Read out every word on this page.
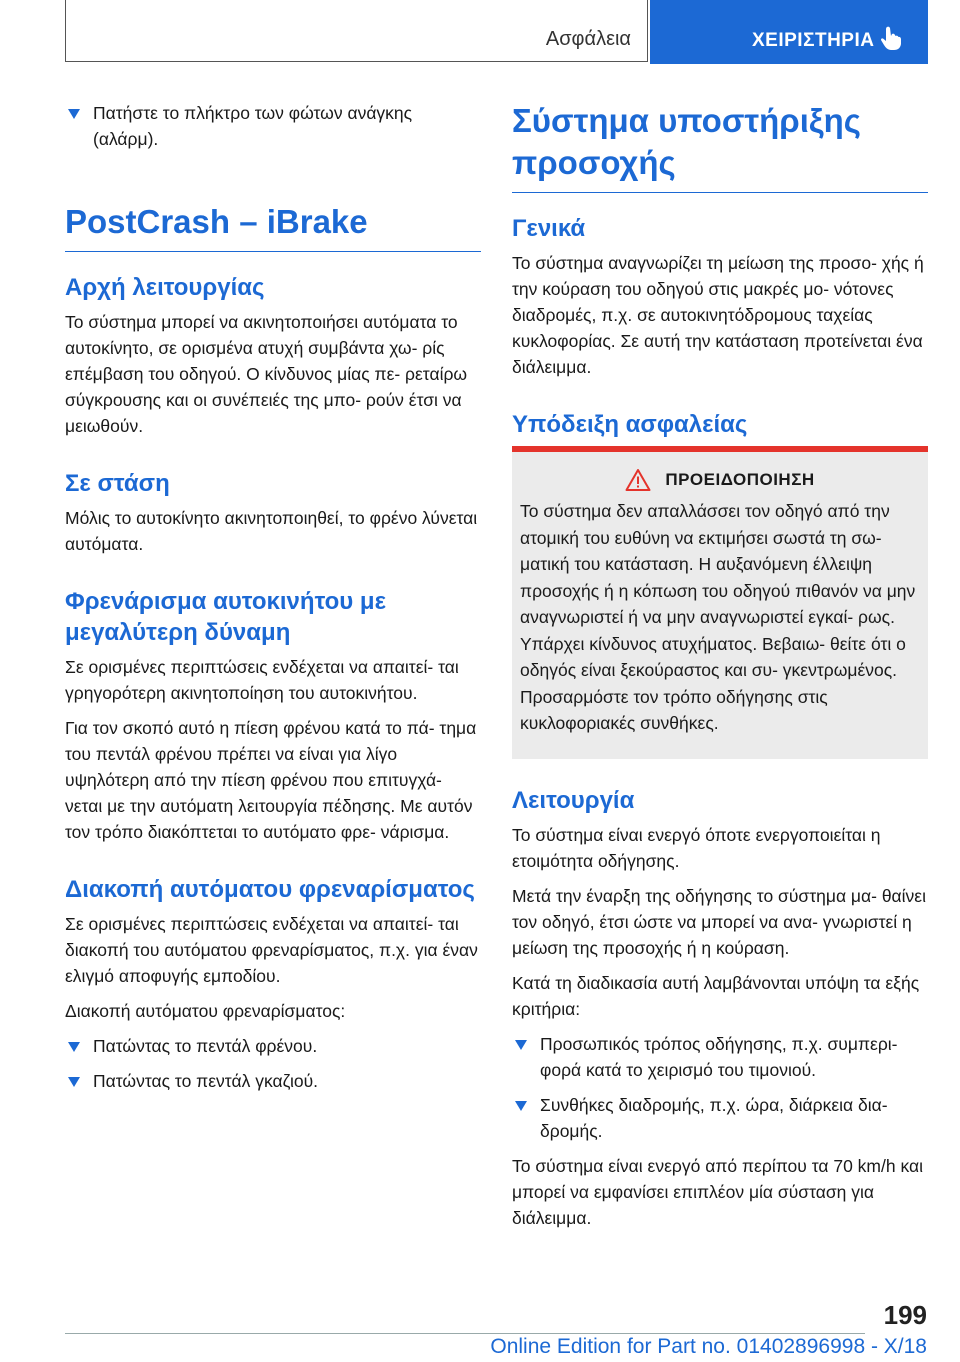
Ασφάλεια	ΧΕΙΡΙΣΤΗΡΙΑ
Πατήστε το πλήκτρο των φώτων ανάγκης (αλάρμ).
PostCrash – iBrake
Αρχή λειτουργίας

Το σύστημα μπορεί να ακινητοποιήσει αυτόματα το αυτοκίνητο, σε ορισμένα ατυχή συμβάντα χω‐ ρίς επέμβαση του οδηγού. Ο κίνδυνος μίας πε‐ ρεταίρω σύγκρουσης και οι συνέπειές της μπο‐ ρούν έτσι να μειωθούν.

Σε στάση

Μόλις το αυτοκίνητο ακινητοποιηθεί, το φρένο λύνεται αυτόματα.

Φρενάρισμα αυτοκινήτου με μεγαλύτερη δύναμη

Σε ορισμένες περιπτώσεις ενδέχεται να απαιτεί‐ ται γρηγορότερη ακινητοποίηση του αυτοκινήτου.

Για τον σκοπό αυτό η πίεση φρένου κατά το πά‐ τημα του πεντάλ φρένου πρέπει να είναι για λίγο υψηλότερη από την πίεση φρένου που επιτυγχά‐ νεται με την αυτόματη λειτουργία πέδησης. Με αυτόν τον τρόπο διακόπτεται το αυτόματο φρε‐ νάρισμα.

Διακοπή αυτόματου φρεναρίσματος

Σε ορισμένες περιπτώσεις ενδέχεται να απαιτεί‐ ται διακοπή του αυτόματου φρεναρίσματος, π.χ. για έναν ελιγμό αποφυγής εμποδίου.

Διακοπή αυτόματου φρεναρίσματος:

Πατώντας το πεντάλ φρένου.
Πατώντας το πεντάλ γκαζιού.
Σύστημα υποστήριξης προσοχής
Γενικά

Το σύστημα αναγνωρίζει τη μείωση της προσο‐ χής ή την κούραση του οδηγού στις μακρές μο‐ νότονες διαδρομές, π.χ. σε αυτοκινητόδρομους ταχείας κυκλοφορίας. Σε αυτή την κατάσταση προτείνεται ένα διάλειμμα.

Υπόδειξη ασφαλείας
ΠΡΟΕΙΔΟΠΟΙΗΣΗ

Το σύστημα δεν απαλλάσσει τον οδηγό από την ατομική του ευθύνη να εκτιμήσει σωστά τη σω‐ ματική του κατάσταση. Η αυξανόμενη έλλειψη προσοχής ή η κόπωση του οδηγού πιθανόν να μην αναγνωριστεί ή να μην αναγνωριστεί εγκαί‐ ρως. Υπάρχει κίνδυνος ατυχήματος. Βεβαιω‐ θείτε ότι ο οδηγός είναι ξεκούραστος και συ‐ γκεντρωμένος. Προσαρμόστε τον τρόπο οδήγησης στις κυκλοφοριακές συνθήκες.

Λειτουργία

Το σύστημα είναι ενεργό όποτε ενεργοποιείται η ετοιμότητα οδήγησης.

Μετά την έναρξη της οδήγησης το σύστημα μα‐ θαίνει τον οδηγό, έτσι ώστε να μπορεί να ανα‐ γνωριστεί η μείωση της προσοχής ή η κούραση.

Κατά τη διαδικασία αυτή λαμβάνονται υπόψη τα εξής κριτήρια:

Προσωπικός τρόπος οδήγησης, π.χ. συμπερι‐ φορά κατά το χειρισμό του τιμονιού.
Συνθήκες διαδρομής, π.χ. ώρα, διάρκεια δια‐ δρομής.

Το σύστημα είναι ενεργό από περίπου τα 70 km/h και μπορεί να εμφανίσει επιπλέον μία σύσταση για διάλειμμα.

199
Online Edition for Part no. 01402896998 - X/18
